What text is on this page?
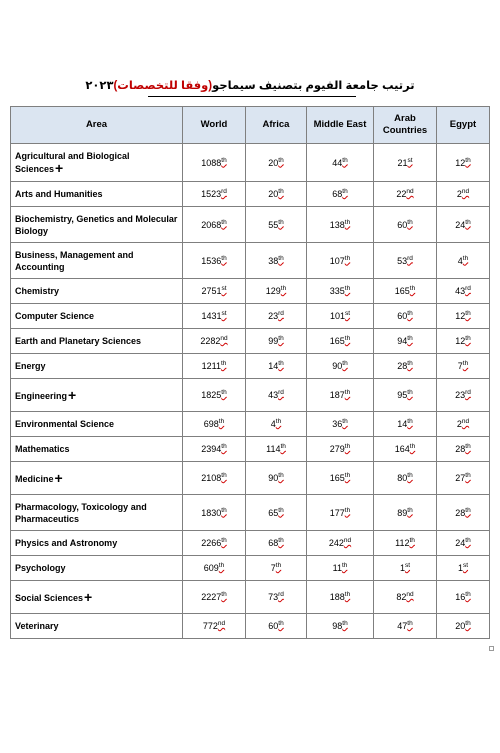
ترتيب جامعة الفيوم بتصنيف سيماجو(وفقا للتخصصات)٢٠٢٣
Area	World	Africa	Middle East	Arab Countries	Egypt
Agricultural and Biological Sciences+	1088th	20th	44th	21st	12th
Arts and Humanities	1523rd	20th	68th	22nd	2nd
Biochemistry, Genetics and Molecular Biology	2068th	55th	138th	60th	24th
Business, Management and Accounting	1536th	38th	107th	53rd	4th
Chemistry	2751st	129th	335th	165th	43rd
Computer Science	1431st	23rd	101st	60th	12th
Earth and Planetary Sciences	2282nd	99th	165th	94th	12th
Energy	1211th	14th	90th	28th	7th
Engineering+	1825th	43rd	187th	95th	23rd
Environmental Science	698th	4th	36th	14th	2nd
Mathematics	2394th	114th	279th	164th	28th
Medicine+	2108th	90th	165th	80th	27th
Pharmacology, Toxicology and Pharmaceutics	1830th	65th	177th	89th	28th
Physics and Astronomy	2266th	68th	242nd	112th	24th
Psychology	609th	7th	11th	1st	1st
Social Sciences+	2227th	73rd	188th	82nd	16th
Veterinary	772nd	60th	98th	47th	20th
